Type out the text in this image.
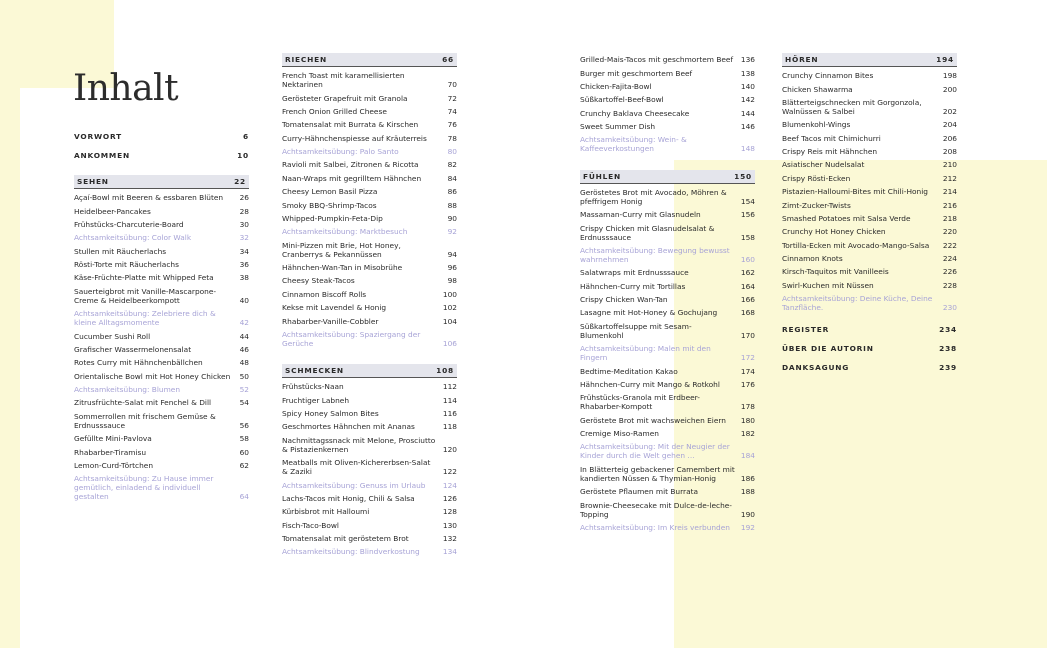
Inhalt
VORWORT	6
ANKOMMEN	10
SEHEN	22
Açaí-Bowl mit Beeren & essbaren Blüten	26
Heidelbeer-Pancakes	28
Frühstücks-Charcuterie-Board	30
Achtsamkeitsübung: Color Walk	32
Stullen mit Räucherlachs	34
Rösti-Torte mit Räucherlachs	36
Käse-Früchte-Platte mit Whipped Feta	38
Sauerteigbrot mit Vanille-Mascarpone-Creme & Heidelbeerkompott	40
Achtsamkeitsübung: Zelebriere dich & kleine Alltagsmomente	42
Cucumber Sushi Roll	44
Grafischer Wassermelonensalat	46
Rotes Curry mit Hähnchenbällchen	48
Orientalische Bowl mit Hot Honey Chicken	50
Achtsamkeitsübung: Blumen	52
Zitrusfrüchte-Salat mit Fenchel & Dill	54
Sommerrollen mit frischem Gemüse & Erdnusssauce	56
Gefüllte Mini-Pavlova	58
Rhabarber-Tiramisu	60
Lemon-Curd-Törtchen	62
Achtsamkeitsübung: Zu Hause immer gemütlich, einladend & individuell gestalten	64
RIECHEN	66
French Toast mit karamellisierten Nektarinen	70
Gerösteter Grapefruit mit Granola	72
French Onion Grilled Cheese	74
Tomatensalat mit Burrata & Kirschen	76
Curry-Hähnchenspiesse auf Kräuterreis	78
Achtsamkeitsübung: Palo Santo	80
Ravioli mit Salbei, Zitronen & Ricotta	82
Naan-Wraps mit gegrilltem Hähnchen	84
Cheesy Lemon Basil Pizza	86
Smoky BBQ-Shrimp-Tacos	88
Whipped-Pumpkin-Feta-Dip	90
Achtsamkeitsübung: Marktbesuch	92
Mini-Pizzen mit Brie, Hot Honey, Cranberrys & Pekannüssen	94
Hähnchen-Wan-Tan in Misobrühe	96
Cheesy Steak-Tacos	98
Cinnamon Biscoff Rolls	100
Kekse mit Lavendel & Honig	102
Rhabarber-Vanille-Cobbler	104
Achtsamkeitsübung: Spaziergang der Gerüche	106
SCHMECKEN	108
Frühstücks-Naan	112
Fruchtiger Labneh	114
Spicy Honey Salmon Bites	116
Geschmortes Hähnchen mit Ananas	118
Nachmittagssnack mit Melone, Prosciutto & Pistazienkernen	120
Meatballs mit Oliven-Kichererbsen-Salat & Zaziki	122
Achtsamkeitsübung: Genuss im Urlaub	124
Lachs-Tacos mit Honig, Chili & Salsa	126
Kürbisbrot mit Halloumi	128
Fisch-Taco-Bowl	130
Tomatensalat mit geröstetem Brot	132
Achtsamkeitsübung: Blindverkostung	134
Grilled-Mais-Tacos mit geschmortem Beef	136
Burger mit geschmortem Beef	138
Chicken-Fajita-Bowl	140
Süßkartoffel-Beef-Bowl	142
Crunchy Baklava Cheesecake	144
Sweet Summer Dish	146
Achtsamkeitsübung: Wein- & Kaffeeverkostungen	148
FÜHLEN	150
Geröstetes Brot mit Avocado, Möhren & pfeffrigem Honig	154
Massaman-Curry mit Glasnudeln	156
Crispy Chicken mit Glasnudelsalat & Erdnusssauce	158
Achtsamkeitsübung: Bewegung bewusst wahrnehmen	160
Salatwraps mit Erdnusssauce	162
Hähnchen-Curry mit Tortillas	164
Crispy Chicken Wan-Tan	166
Lasagne mit Hot-Honey & Gochujang	168
Süßkartoffelsuppe mit Sesam-Blumenkohl	170
Achtsamkeitsübung: Malen mit den Fingern	172
Bedtime-Meditation Kakao	174
Hähnchen-Curry mit Mango & Rotkohl	176
Frühstücks-Granola mit Erdbeer-Rhabarber-Kompott	178
Geröstete Brot mit wachsweichen Eiern	180
Cremige Miso-Ramen	182
Achtsamkeitsübung: Mit der Neugier der Kinder durch die Welt gehen …	184
In Blätterteig gebackener Camembert mit kandierten Nüssen & Thymian-Honig	186
Geröstete Pflaumen mit Burrata	188
Brownie-Cheesecake mit Dulce-de-leche-Topping	190
Achtsamkeitsübung: Im Kreis verbunden	192
HÖREN	194
Crunchy Cinnamon Bites	198
Chicken Shawarma	200
Blätterteigschnecken mit Gorgonzola, Walnüssen & Salbei	202
Blumenkohl-Wings	204
Beef Tacos mit Chimichurri	206
Crispy Reis mit Hähnchen	208
Asiatischer Nudelsalat	210
Crispy Rösti-Ecken	212
Pistazien-Halloumi-Bites mit Chili-Honig	214
Zimt-Zucker-Twists	216
Smashed Potatoes mit Salsa Verde	218
Crunchy Hot Honey Chicken	220
Tortilla-Ecken mit Avocado-Mango-Salsa	222
Cinnamon Knots	224
Kirsch-Taquitos mit Vanilleeis	226
Swirl-Kuchen mit Nüssen	228
Achtsamkeitsübung: Deine Küche, Deine Tanzfläche.	230
REGISTER	234
ÜBER DIE AUTORIN	238
DANKSAGUNG	239
